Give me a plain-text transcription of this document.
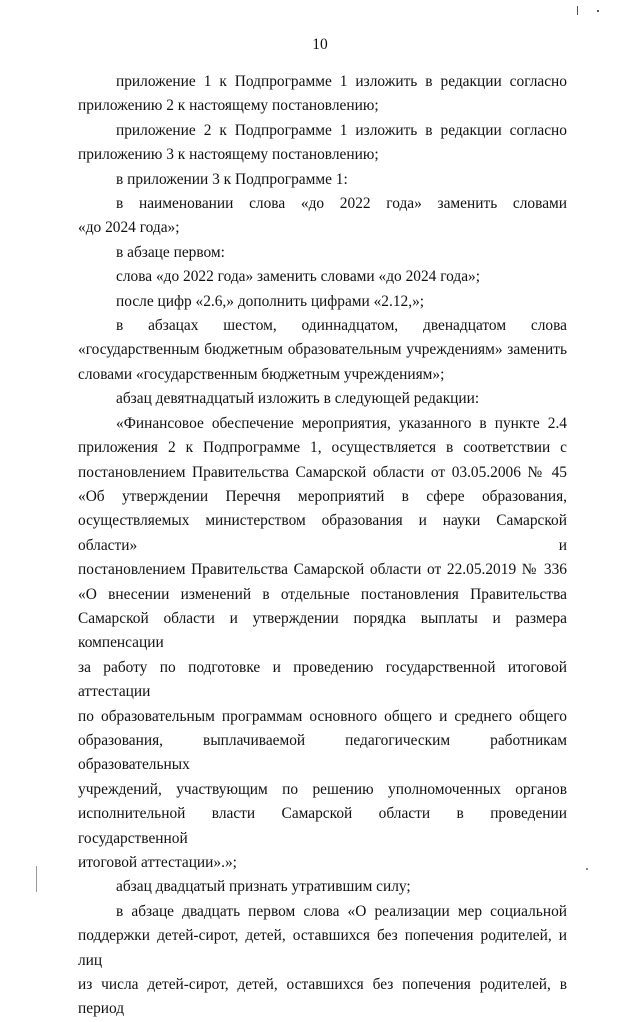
10
приложение 1 к Подпрограмме 1 изложить в редакции согласно
приложению 2 к настоящему постановлению;
приложение 2 к Подпрограмме 1 изложить в редакции согласно
приложению 3 к настоящему постановлению;
в приложении 3 к Подпрограмме 1:
в наименовании слова «до 2022 года» заменить словами
«до 2024 года»;
в абзаце первом:
слова «до 2022 года» заменить словами «до 2024 года»;
после цифр «2.6,» дополнить цифрами «2.12,»;
в абзацах шестом, одиннадцатом, двенадцатом слова
«государственным бюджетным образовательным учреждениям» заменить
словами «государственным бюджетным учреждениям»;
абзац девятнадцатый изложить в следующей редакции:
«Финансовое обеспечение мероприятия, указанного в пункте 2.4
приложения 2 к Подпрограмме 1, осуществляется в соответствии с
постановлением Правительства Самарской области от 03.05.2006 № 45
«Об утверждении Перечня мероприятий в сфере образования,
осуществляемых министерством образования и науки Самарской области» и
постановлением Правительства Самарской области от 22.05.2019 № 336
«О внесении изменений в отдельные постановления Правительства
Самарской области и утверждении порядка выплаты и размера компенсации
за работу по подготовке и проведению государственной итоговой аттестации
по образовательным программам основного общего и среднего общего
образования, выплачиваемой педагогическим работникам образовательных
учреждений, участвующим по решению уполномоченных органов
исполнительной власти Самарской области в проведении государственной
итоговой аттестации».»;
абзац двадцатый признать утратившим силу;
в абзаце двадцать первом слова «О реализации мер социальной
поддержки детей-сирот, детей, оставшихся без попечения родителей, и лиц
из числа детей-сирот, детей, оставшихся без попечения родителей, в период
